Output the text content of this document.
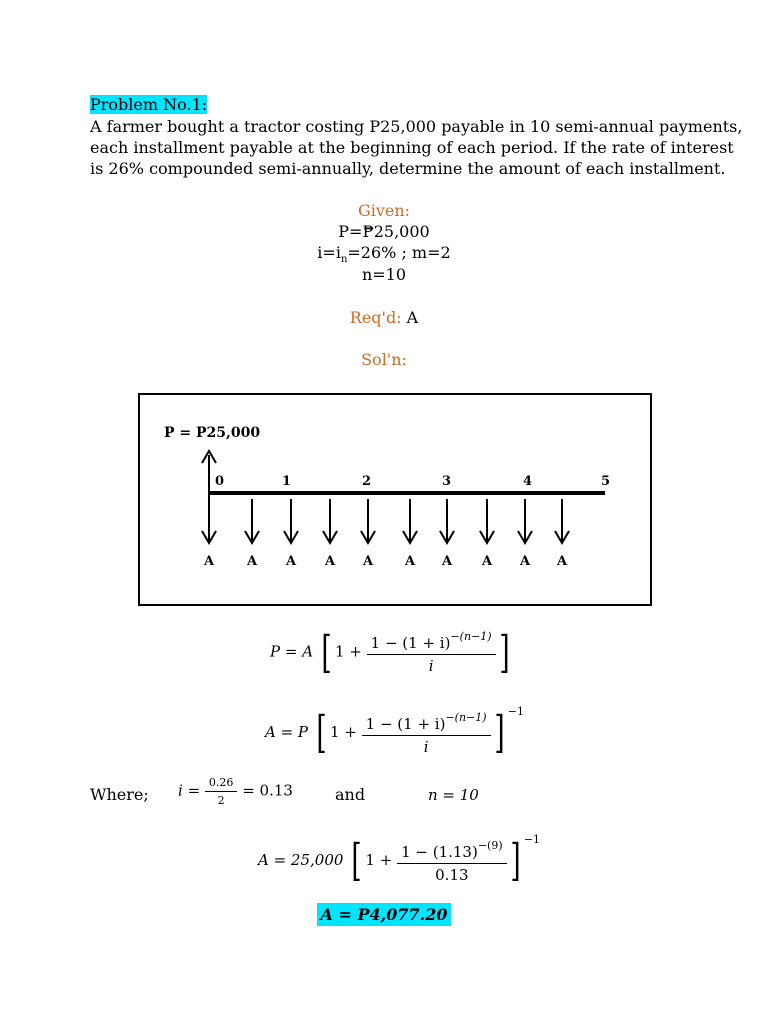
Problem No.1:
A farmer bought a tractor costing P25,000 payable in 10 semi-annual payments,
each installment payable at the beginning of each period. If the rate of interest
is 26% compounded semi-annually, determine the amount of each installment.
Given:
P=₱25,000
$i=i_n=26\%$ ; m=2
n=10
Req'd: A
Sol'n:
P = P25,000
0	1	2	3	4	5
A	A A A A A A A A A
P = A [ $1 + \frac{1 - (1 + i)^{-(n-1)}}{i}$ ]
A = P [ $1 + \frac{1 - (1 + i)^{-(n-1)}}{i}$ ] $^{-1}$
Where; $i = \frac{0.26}{2} = 0.13$	and	n = 10
A = 25,000 [ $1 + \frac{1 - (1.13)^{-(9)}}{0.13}$ ] $^{-1}$
A = P4,077.20
